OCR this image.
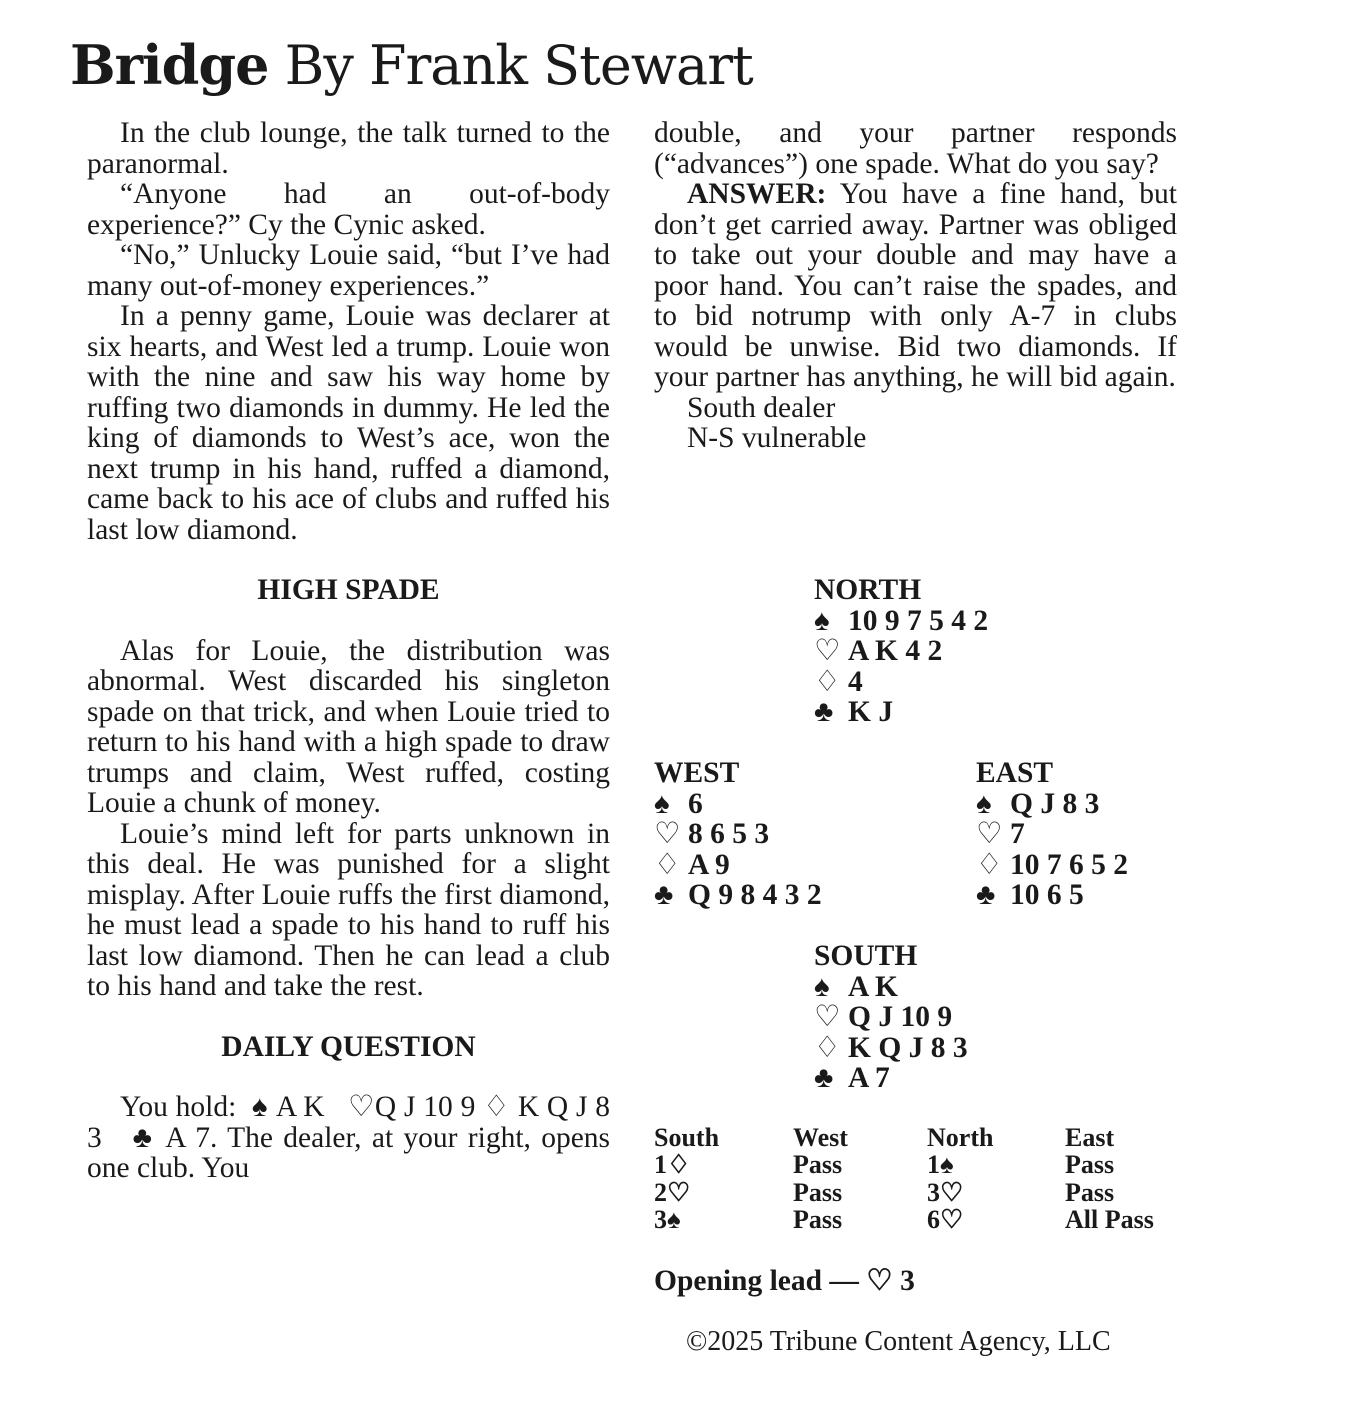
Bridge By Frank Stewart

In the club lounge, the talk turned to the paranormal.

“Anyone had an out-of-body experience?” Cy the Cynic asked.

“No,” Unlucky Louie said, “but I’ve had many out-of-money experiences.”

In a penny game, Louie was declarer at six hearts, and West led a trump. Louie won with the nine and saw his way home by ruffing two diamonds in dummy. He led the king of diamonds to West’s ace, won the next trump in his hand, ruffed a diamond, came back to his ace of clubs and ruffed his last low diamond.

HIGH SPADE

Alas for Louie, the distribution was abnormal. West discarded his singleton spade on that trick, and when Louie tried to return to his hand with a high spade to draw trumps and claim, West ruffed, costing Louie a chunk of money.

Louie’s mind left for parts unknown in this deal. He was punished for a slight misplay. After Louie ruffs the first diamond, he must lead a spade to his hand to ruff his last low diamond. Then he can lead a club to his hand and take the rest.

DAILY QUESTION

You hold:  ♠ A K ♡Q J 10 9 ♢ K Q J 8 3 ♣ A 7. The dealer, at your right, opens one club. You

double, and your partner responds (“advances”) one spade. What do you say?

ANSWER: You have a fine hand, but don’t get carried away. Partner was obliged to take out your double and may have a poor hand. You can’t raise the spades, and to bid notrump with only A-7 in clubs would be unwise. Bid two diamonds. If your partner has anything, he will bid again.

South dealer
N-S vulnerable
NORTH
♠ 10 9 7 5 4 2
♡ A K 4 2
♢ 4
♣ K J
WEST
♠ 6
♡ 8 6 5 3
♢ A 9
♣ Q 9 8 4 3 2
EAST
♠ Q J 8 3
♡ 7
♢ 10 7 6 5 2
♣ 10 6 5
SOUTH
♠ A K
♡ Q J 10 9
♢ K Q J 8 3
♣ A 7
South
1♢
2♡
3♠
West
Pass
Pass
Pass
North
1♠
3♡
6♡
East
Pass
Pass
All Pass
Opening lead — ♡ 3
©2025 Tribune Content Agency, LLC
